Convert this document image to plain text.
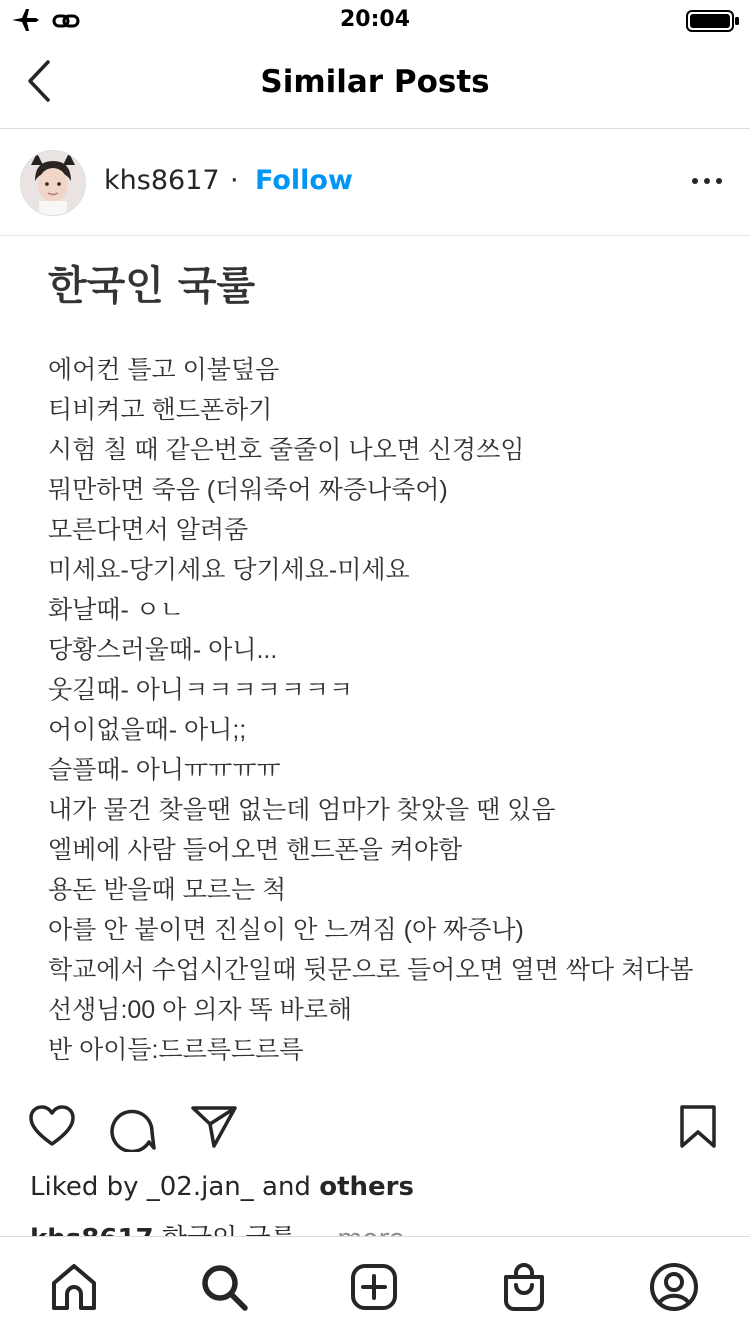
20:04
Similar Posts
khs8617 · Follow
한국인 국룰
에어컨 틀고 이불덮음
티비켜고 핸드폰하기
시험 칠 때 같은번호 줄줄이 나오면 신경쓰임
뭐만하면 죽음 (더워죽어 짜증나죽어)
모른다면서 알려줌
미세요-당기세요 당기세요-미세요
화날때- ㅇㄴ
당황스러울때- 아니...
웃길때- 아니ㅋㅋㅋㅋㅋㅋㅋ
어이없을때- 아니;;
슬플때- 아니ㅠㅠㅠㅠ
내가 물건 찾을땐 없는데 엄마가 찾았을 땐 있음
엘베에 사람 들어오면 핸드폰을 켜야함
용돈 받을때 모르는 척
아를 안 붙이면 진실이 안 느껴짐 (아 짜증나)
학교에서 수업시간일때 뒷문으로 들어오면 열면 싹다 쳐다봄
선생님:00 아 의자 똑 바로해
반 아이들:드르륵드르륵
Liked by _02.jan_ and others
